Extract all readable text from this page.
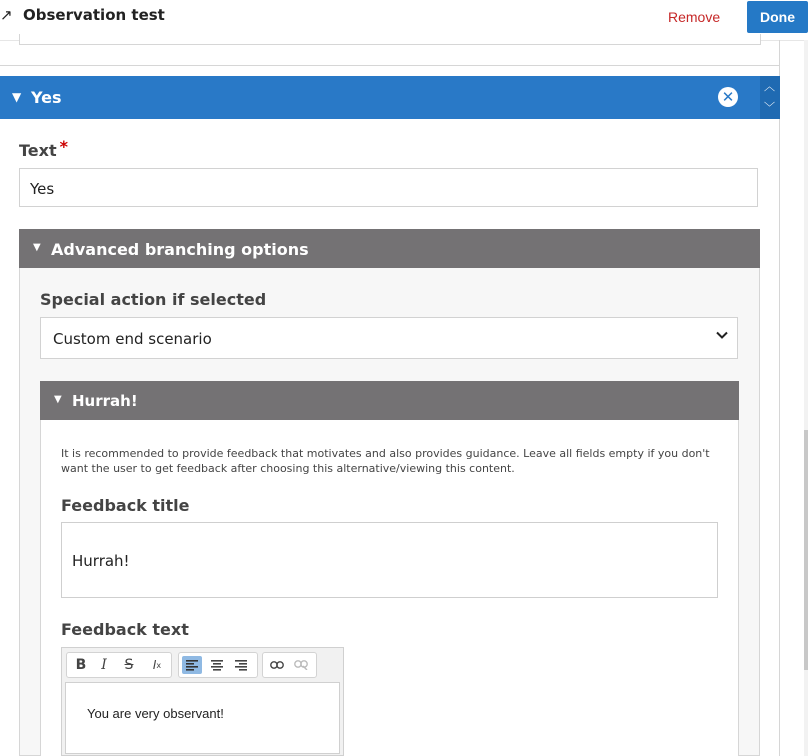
↗ Observation test	Remove	Done
▼ Yes	✕
︿
﹀
Text *
Yes
▼ Advanced branching options
Special action if selected
Custom end scenario
▼ Hurrah!
It is recommended to provide feedback that motivates and also provides guidance. Leave all fields empty if you don't want the user to get feedback after choosing this alternative/viewing this content.
Feedback title
Hurrah!
Feedback text
B	I	S	I x
You are very observant!
